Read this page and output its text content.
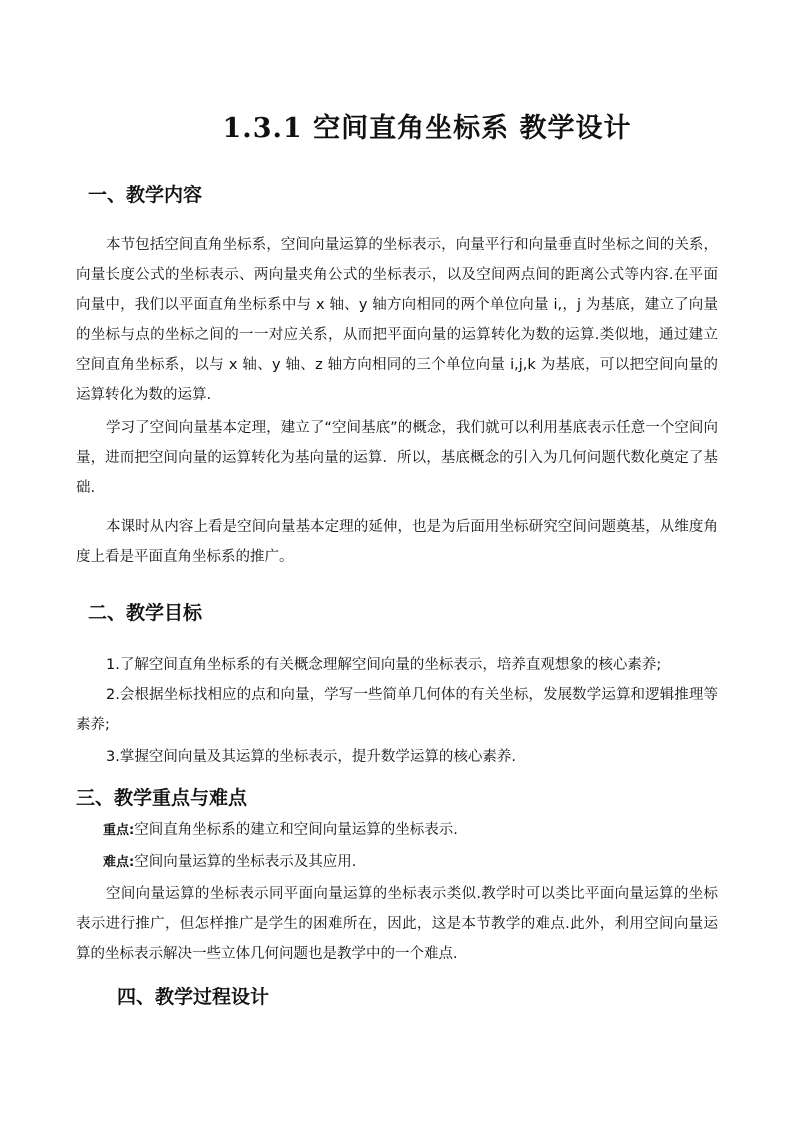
1.3.1 空间直角坐标系 教学设计
一、教学内容
本节包括空间直角坐标系，空间向量运算的坐标表示，向量平行和向量垂直时坐标之间的关系，向量长度公式的坐标表示、两向量夹角公式的坐标表示，以及空间两点间的距离公式等内容.在平面向量中，我们以平面直角坐标系中与 x 轴、y 轴方向相同的两个单位向量 i,，j 为基底，建立了向量的坐标与点的坐标之间的一一对应关系，从而把平面向量的运算转化为数的运算.类似地，通过建立空间直角坐标系，以与 x 轴、y 轴、z 轴方向相同的三个单位向量 i,j,k 为基底，可以把空间向量的运算转化为数的运算.
学习了空间向量基本定理，建立了“空间基底”的概念，我们就可以利用基底表示任意一个空间向量，进而把空间向量的运算转化为基向量的运算．所以，基底概念的引入为几何问题代数化奠定了基础.
本课时从内容上看是空间向量基本定理的延伸，也是为后面用坐标研究空间问题奠基，从维度角度上看是平面直角坐标系的推广。
二、教学目标
1.了解空间直角坐标系的有关概念理解空间向量的坐标表示，培养直观想象的核心素养;
2.会根据坐标找相应的点和向量，学写一些简单几何体的有关坐标，发展数学运算和逻辑推理等素养;
3.掌握空间向量及其运算的坐标表示，提升数学运算的核心素养.
三、教学重点与难点
重点:空间直角坐标系的建立和空间向量运算的坐标表示.
难点:空间向量运算的坐标表示及其应用.
空间向量运算的坐标表示同平面向量运算的坐标表示类似.教学时可以类比平面向量运算的坐标表示进行推广，但怎样推广是学生的困难所在，因此，这是本节教学的难点.此外，利用空间向量运算的坐标表示解决一些立体几何问题也是教学中的一个难点.
四、教学过程设计
